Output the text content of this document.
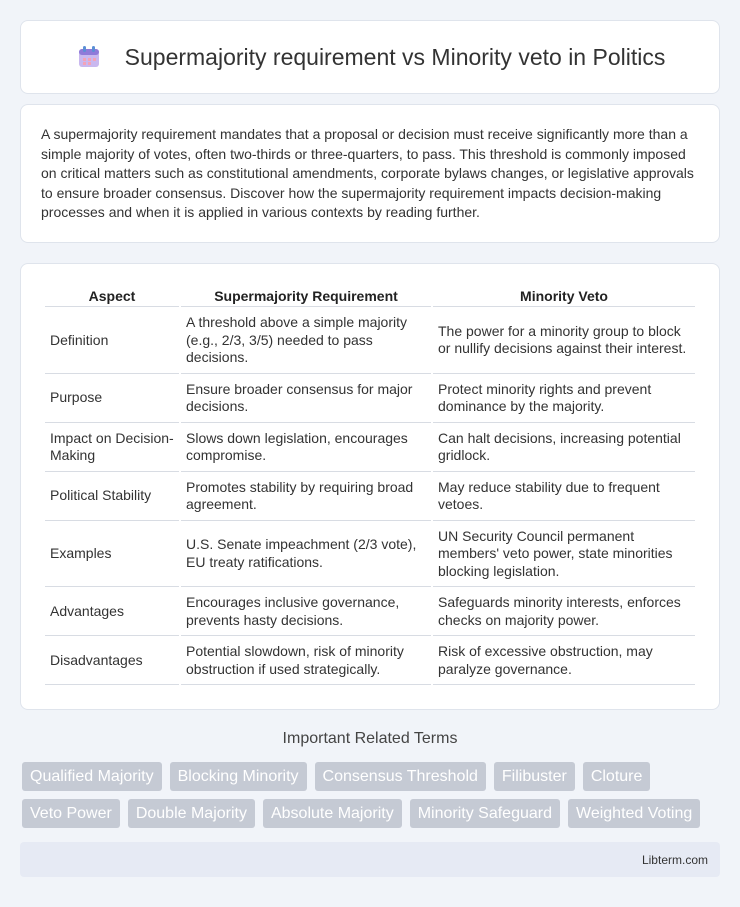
Supermajority requirement vs Minority veto in Politics

A supermajority requirement mandates that a proposal or decision must receive significantly more than a simple majority of votes, often two-thirds or three-quarters, to pass. This threshold is commonly imposed on critical matters such as constitutional amendments, corporate bylaws changes, or legislative approvals to ensure broader consensus. Discover how the supermajority requirement impacts decision-making processes and when it is applied in various contexts by reading further.

Aspect	Supermajority Requirement	Minority Veto
Definition	A threshold above a simple majority (e.g., 2/3, 3/5) needed to pass decisions.	The power for a minority group to block or nullify decisions against their interest.
Purpose	Ensure broader consensus for major decisions.	Protect minority rights and prevent dominance by the majority.
Impact on Decision-Making	Slows down legislation, encourages compromise.	Can halt decisions, increasing potential gridlock.
Political Stability	Promotes stability by requiring broad agreement.	May reduce stability due to frequent vetoes.
Examples	U.S. Senate impeachment (2/3 vote), EU treaty ratifications.	UN Security Council permanent members' veto power, state minorities blocking legislation.
Advantages	Encourages inclusive governance, prevents hasty decisions.	Safeguards minority interests, enforces checks on majority power.
Disadvantages	Potential slowdown, risk of minority obstruction if used strategically.	Risk of excessive obstruction, may paralyze governance.
Important Related Terms
Qualified Majority	Blocking Minority	Consensus Threshold	Filibuster	Cloture
Veto Power	Double Majority	Absolute Majority	Minority Safeguard	Weighted Voting
Libterm.com
